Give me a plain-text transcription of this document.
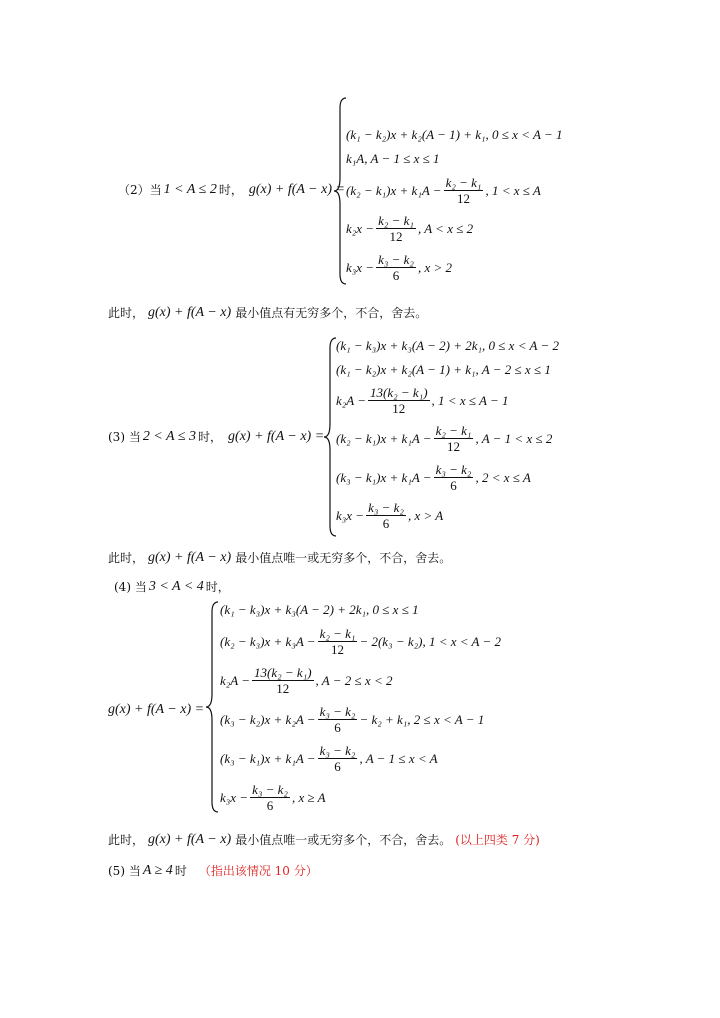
（2）当 1 < A ≤ 2 时， g(x) + f(A − x) =
(k₁ − k₂)x + k₂(A − 1) + k₁, 0 ≤ x < A − 1
k₁A, A − 1 ≤ x ≤ 1
$(k_2 - k_1)x + k_1A - \frac{\text{k₂ − k₁}}{12}$ , 1 < x ≤ A
$k_2x - \frac{\text{k₂ − k₁}}{12}$ , A < x ≤ 2
$k_3x - \frac{\text{k₃ − k₂}}{6}$ , x > 2
此时， g(x) + f(A − x) 最小值点有无穷多个，不合，舍去。
(3) 当 2 < A ≤ 3 时， g(x) + f(A − x) =
(k₁ − k₃)x + k₃(A − 2) + 2k₁, 0 ≤ x < A − 2
(k₁ − k₂)x + k₂(A − 1) + k₁, A − 2 ≤ x ≤ 1
$k_2A - \frac{\text{13(k₂ − k₁)}}{12}$ , 1 < x ≤ A − 1
$(k_2 - k_1)x + k_1A - \frac{\text{k₂ − k₁}}{12}$ , A − 1 < x ≤ 2
$(k_3 - k_1)x + k_1A - \frac{\text{k₃ − k₂}}{6}$ , 2 < x ≤ A
$k_3x - \frac{\text{k₃ − k₂}}{6}$ , x > A
此时， g(x) + f(A − x) 最小值点唯一或无穷多个，不合，舍去。
(4) 当 3 < A < 4 时，
g(x) + f(A − x) =
(k₁ − k₃)x + k₃(A − 2) + 2k₁, 0 ≤ x ≤ 1
$(k_2 - k_3)x + k_3A - \frac{\text{k₂ − k₁}}{12} - 2(k_3 - k_2)$, 1 < x < A − 2
$k_2A - \frac{\text{13(k₂ − k₁)}}{12}$ , A − 2 ≤ x < 2
$(k_3 - k_2)x + k_2A - \frac{\text{k₃ − k₂}}{6} - k_2 + k_1$, 2 ≤ x < A − 1
$(k_3 - k_1)x + k_1A - \frac{\text{k₃ − k₂}}{6}$ , A − 1 ≤ x < A
$k_3x - \frac{\text{k₃ − k₂}}{6}$ , x ≥ A
此时， g(x) + f(A − x) 最小值点唯一或无穷多个，不合，舍去。 (以上四类 7 分)
(5) 当 A ≥ 4 时 （指出该情况 10 分）
